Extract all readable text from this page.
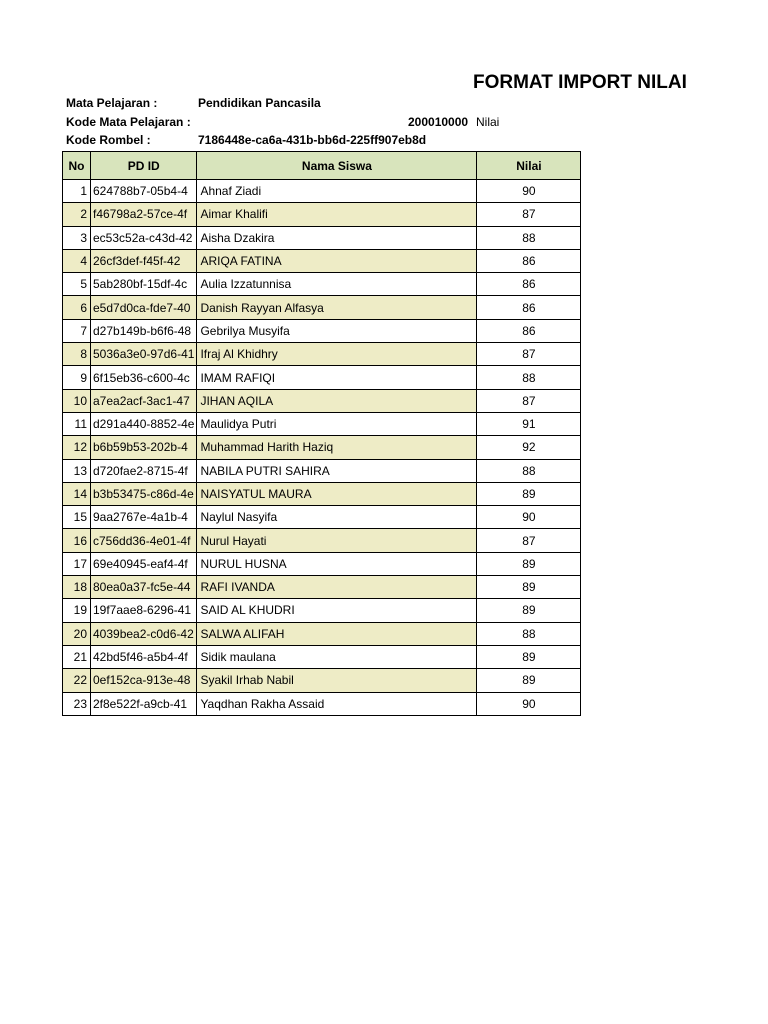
FORMAT IMPORT NILAI
Mata Pelajaran :	Pendidikan Pancasila
Kode Mata Pelajaran :	200010000 Nilai
Kode Rombel :	7186448e-ca6a-431b-bb6d-225ff907eb8d
No	PD ID	Nama Siswa	Nilai
1	624788b7-05b4-4	Ahnaf Ziadi	90
2	f46798a2-57ce-4f	Aimar Khalifi	87
3	ec53c52a-c43d-42	Aisha Dzakira	88
4	26cf3def-f45f-42	ARIQA FATINA	86
5	5ab280bf-15df-4c	Aulia Izzatunnisa	86
6	e5d7d0ca-fde7-40	Danish Rayyan Alfasya	86
7	d27b149b-b6f6-48	Gebrilya Musyifa	86
8	5036a3e0-97d6-41	Ifraj Al Khidhry	87
9	6f15eb36-c600-4c	IMAM RAFIQI	88
10	a7ea2acf-3ac1-47	JIHAN AQILA	87
11	d291a440-8852-4e	Maulidya Putri	91
12	b6b59b53-202b-4	Muhammad Harith Haziq	92
13	d720fae2-8715-4f	NABILA PUTRI SAHIRA	88
14	b3b53475-c86d-4e	NAISYATUL MAURA	89
15	9aa2767e-4a1b-4	Naylul Nasyifa	90
16	c756dd36-4e01-4f	Nurul Hayati	87
17	69e40945-eaf4-4f	NURUL HUSNA	89
18	80ea0a37-fc5e-44	RAFI IVANDA	89
19	19f7aae8-6296-41	SAID AL KHUDRI	89
20	4039bea2-c0d6-42	SALWA ALIFAH	88
21	42bd5f46-a5b4-4f	Sidik maulana	89
22	0ef152ca-913e-48	Syakil Irhab Nabil	89
23	2f8e522f-a9cb-41	Yaqdhan Rakha Assaid	90
